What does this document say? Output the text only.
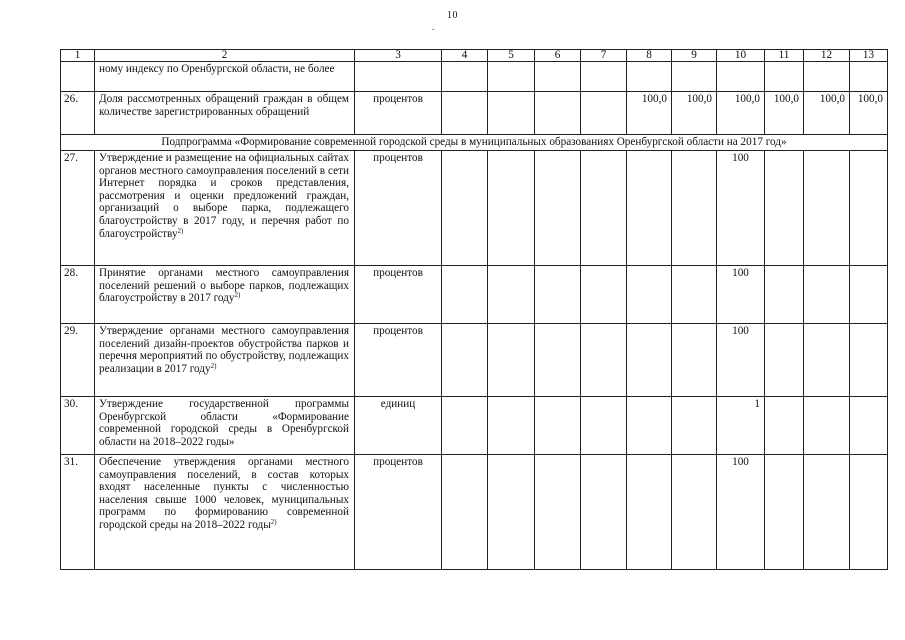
10
.
1	2	3	4	5	6	7	8	9	10	11	12	13
	ному индексу по Оренбургской области, не более											
26.	Доля рассмотренных обращений граждан в общем количестве зарегистрированных обращений	процентов					100,0	100,0	100,0	100,0	100,0	100,0
Подпрограмма «Формирование современной городской среды в муниципальных образованиях Оренбургской области на 2017 год»												
27.	Утверждение и размещение на официальных сайтах органов местного самоуправления поселений в сети Интернет порядка и сроков представления, рассмотрения и оценки предложений граждан, организаций о выборе парка, подлежащего благоустройству в 2017 году, и перечня работ по благоустройству$^{2)}$	процентов							100			
28.	Принятие органами местного самоуправления поселений решений о выборе парков, подлежащих благоустройству в 2017 году$^{2)}$	процентов							100			
29.	Утверждение органами местного самоуправления поселений дизайн-проектов обустройства парков и перечня мероприятий по обустройству, подлежащих реализации в 2017 году$^{2)}$	процентов							100			
30.	Утверждение государственной программы Оренбургской области «Формирование современной городской среды в Оренбургской области на 2018–2022 годы»	единиц							1			
31.	Обеспечение утверждения органами местного самоуправления поселений, в состав которых входят населенные пункты с численностью населения свыше 1000 человек, муниципальных программ по формированию современной городской среды на 2018–2022 годы$^{2)}$	процентов							100			
